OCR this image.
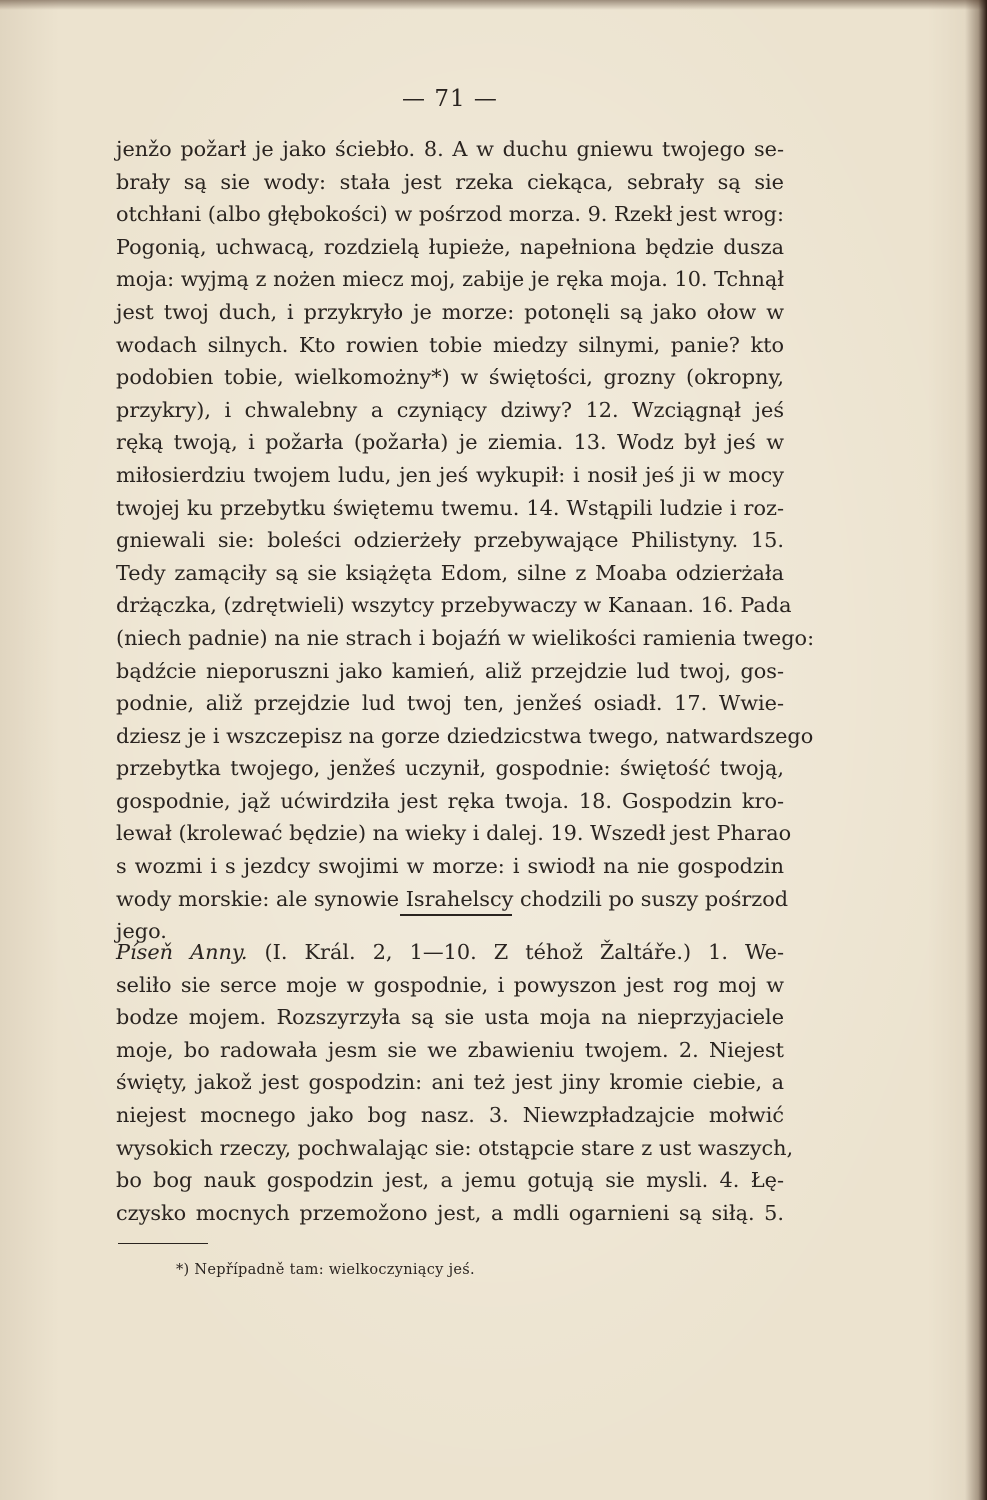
— 71 —
jenžo požarł je jako ściebło. 8. A w duchu gniewu twojego se-
brały są sie wody: stała jest rzeka ciekąca, sebrały są sie
otchłani (albo głębokości) w pośrzod morza. 9. Rzekł jest wrog:
Pogonią, uchwacą, rozdzielą łupieże, napełniona będzie dusza
moja: wyjmą z nożen miecz moj, zabije je ręka moja. 10. Tchnął
jest twoj duch, i przykryło je morze: potonęli są jako ołow w
wodach silnych. Kto rowien tobie miedzy silnymi, panie? kto
podobien tobie, wielkomożny*) w świętości, grozny (okropny,
przykry), i chwalebny a czyniący dziwy? 12. Wzciągnął jeś
ręką twoją, i požarła (požarła) je ziemia. 13. Wodz był jeś w
miłosierdziu twojem ludu, jen jeś wykupił: i nosił jeś ji w mocy
twojej ku przebytku świętemu twemu. 14. Wstąpili ludzie i roz-
gniewali sie: boleści odzierżeły przebywające Philistyny. 15.
Tedy zamąciły są sie książęta Edom, silne z Moaba odzierżała
drżączka, (zdrętwieli) wszytcy przebywaczy w Kanaan. 16. Pada
(niech padnie) na nie strach i bojaźń w wielikości ramienia twego:
bądźcie nieporuszni jako kamień, aliž przejdzie lud twoj, gos-
podnie, aliž przejdzie lud twoj ten, jenžeś osiadł. 17. Wwie-
dziesz je i wszczepisz na gorze dziedzicstwa twego, natwardszego
przebytka twojego, jenžeś uczynił, gospodnie: świętość twoją,
gospodnie, jąž ućwirdziła jest ręka twoja. 18. Gospodzin kro-
lewał (krolewać będzie) na wieky i dalej. 19. Wszedł jest Pharao
s wozmi i s jezdcy swojimi w morze: i swiodł na nie gospodzin
wody morskie: ale synowie Israhelscy chodzili po suszy pośrzod
jego.
Píseň Anny. (I. Král. 2, 1—10. Z téhož Žaltáře.) 1. We-
seliło sie serce moje w gospodnie, i powyszon jest rog moj w
bodze mojem. Rozszyrzyła są sie usta moja na nieprzyjaciele
moje, bo radowała jesm sie we zbawieniu twojem. 2. Niejest
święty, jakož jest gospodzin: ani też jest jiny kromie ciebie, a
niejest mocnego jako bog nasz. 3. Niewzpładzajcie mołwić
wysokich rzeczy, pochwalając sie: otstąpcie stare z ust waszych,
bo bog nauk gospodzin jest, a jemu gotują sie mysli. 4. Łę-
czysko mocnych przemožono jest, a mdli ogarnieni są siłą. 5.
*) Nepřípadně tam: wielkoczyniący jeś.
